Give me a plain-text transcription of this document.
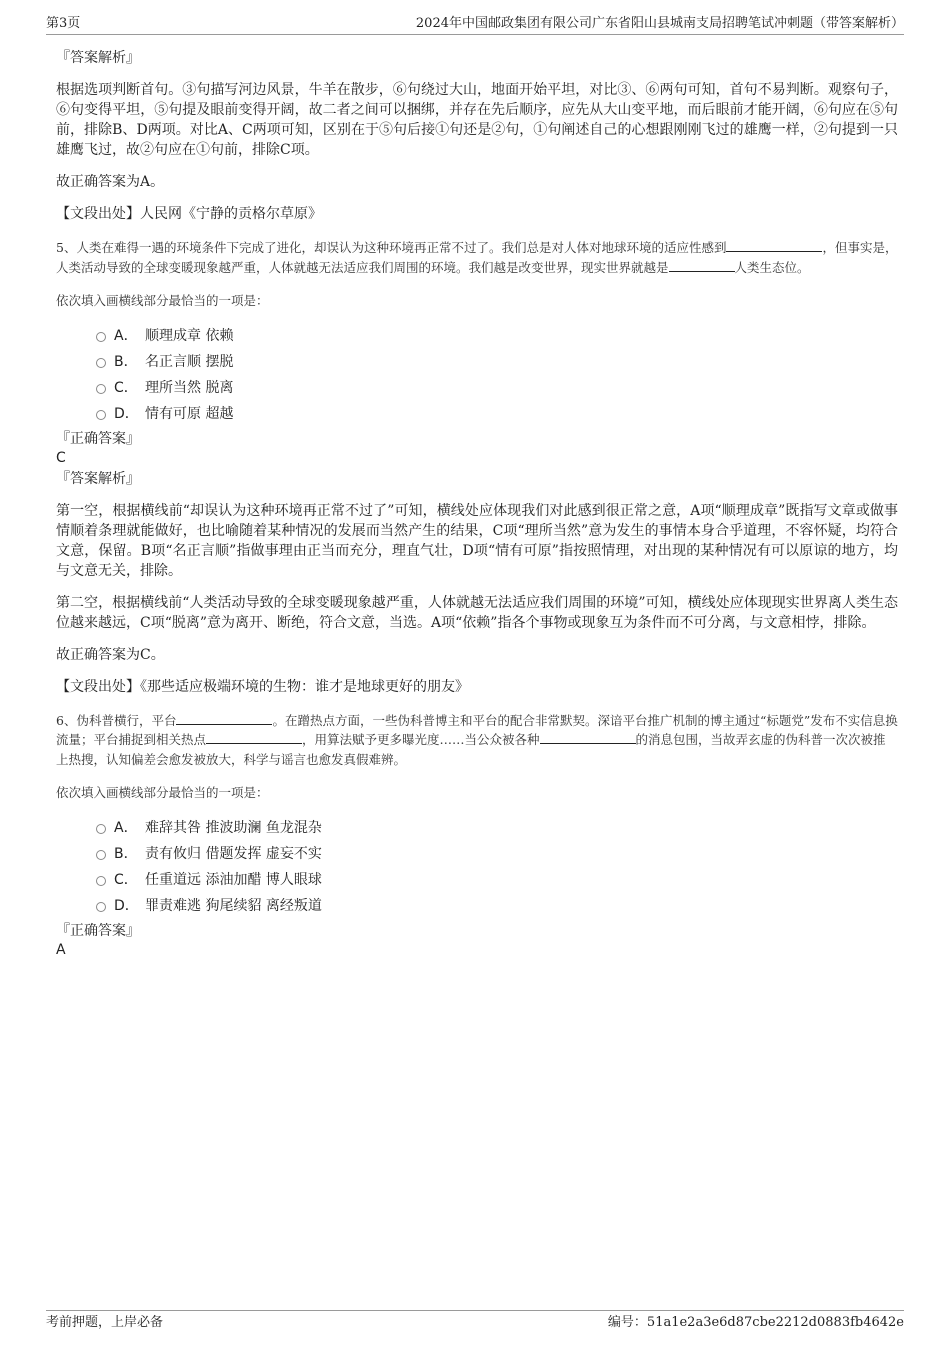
第3页	2024年中国邮政集团有限公司广东省阳山县城南支局招聘笔试冲刺题（带答案解析）

『答案解析』

根据选项判断首句。③句描写河边风景，牛羊在散步，⑥句绕过大山，地面开始平坦，对比③、⑥两句可知，首句不易判断。观察句子，⑥句变得平坦，⑤句提及眼前变得开阔，故二者之间可以捆绑，并存在先后顺序，应先从大山变平地，而后眼前才能开阔，⑥句应在⑤句前，排除B、D两项。对比A、C两项可知，区别在于⑤句后接①句还是②句，①句阐述自己的心想跟刚刚飞过的雄鹰一样，②句提到一只雄鹰飞过，故②句应在①句前，排除C项。

故正确答案为A。

【文段出处】人民网《宁静的贡格尔草原》

5、人类在难得一遇的环境条件下完成了进化，却误认为这种环境再正常不过了。我们总是对人体对地球环境的适应性感到	，但事实是，人类活动导致的全球变暖现象越严重，人体就越无法适应我们周围的环境。我们越是改变世界，现实世界就越是	人类生态位。

依次填入画横线部分最恰当的一项是：

A． 顺理成章 依赖
B． 名正言顺 摆脱
C． 理所当然 脱离
D． 情有可原 超越

『正确答案』

C

『答案解析』

第一空，根据横线前“却误认为这种环境再正常不过了”可知，横线处应体现我们对此感到很正常之意，A项“顺理成章”既指写文章或做事情顺着条理就能做好，也比喻随着某种情况的发展而当然产生的结果，C项“理所当然”意为发生的事情本身合乎道理，不容怀疑，均符合文意，保留。B项“名正言顺”指做事理由正当而充分，理直气壮，D项“情有可原”指按照情理，对出现的某种情况有可以原谅的地方，均与文意无关，排除。

第二空，根据横线前“人类活动导致的全球变暖现象越严重，人体就越无法适应我们周围的环境”可知，横线处应体现现实世界离人类生态位越来越远，C项“脱离”意为离开、断绝，符合文意，当选。A项“依赖”指各个事物或现象互为条件而不可分离，与文意相悖，排除。

故正确答案为C。

【文段出处】《那些适应极端环境的生物：谁才是地球更好的朋友》

6、伪科普横行，平台	。在蹭热点方面，一些伪科普博主和平台的配合非常默契。深谙平台推广机制的博主通过“标题党”发布不实信息换流量；平台捕捉到相关热点	，用算法赋予更多曝光度……当公众被各种	的消息包围，当故弄玄虚的伪科普一次次被推上热搜，认知偏差会愈发被放大，科学与谣言也愈发真假难辨。

依次填入画横线部分最恰当的一项是：

A． 难辞其咎 推波助澜 鱼龙混杂
B． 责有攸归 借题发挥 虚妄不实
C． 任重道远 添油加醋 博人眼球
D． 罪责难逃 狗尾续貂 离经叛道

『正确答案』

A

考前押题，上岸必备	编号：51a1e2a3e6d87cbe2212d0883fb4642e
